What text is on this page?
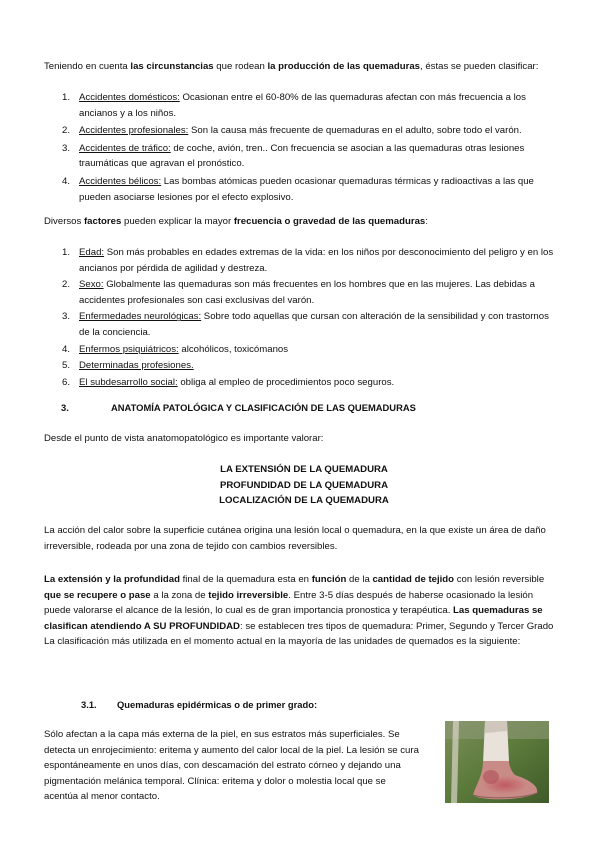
Teniendo en cuenta las circunstancias que rodean la producción de las quemaduras, éstas se pueden clasificar:

1. Accidentes domésticos: Ocasionan entre el 60-80% de las quemaduras afectan con más frecuencia a los ancianos y a los niños.
2. Accidentes profesionales: Son la causa más frecuente de quemaduras en el adulto, sobre todo el varón.
3. Accidentes de tráfico: de coche, avión, tren.. Con frecuencia se asocian a las quemaduras otras lesiones traumáticas que agravan el pronóstico.
4. Accidentes bélicos: Las bombas atómicas pueden ocasionar quemaduras térmicas y radioactivas a las que pueden asociarse lesiones por el efecto explosivo.

Diversos factores pueden explicar la mayor frecuencia o gravedad de las quemaduras:

1. Edad: Son más probables en edades extremas de la vida: en los niños por desconocimiento del peligro y en los ancianos por pérdida de agilidad y destreza.
2. Sexo: Globalmente las quemaduras son más frecuentes en los hombres que en las mujeres. Las debidas a accidentes profesionales son casi exclusivas del varón.
3. Enfermedades neurológicas: Sobre todo aquellas que cursan con alteración de la sensibilidad y con trastornos de la conciencia.
4. Enfermos psiquiátricos: alcohólicos, toxicómanos
5. Determinadas profesiones.
6. El subdesarrollo social: obliga al empleo de procedimientos poco seguros.
3.	ANATOMÍA PATOLÓGICA Y CLASIFICACIÓN DE LAS QUEMADURAS

Desde el punto de vista anatomopatológico es importante valorar:

LA EXTENSIÓN DE LA QUEMADURA
PROFUNDIDAD DE LA QUEMADURA
LOCALIZACIÓN DE LA QUEMADURA

La acción del calor sobre la superficie cutánea origina una lesión local o quemadura, en la que existe un área de daño irreversible, rodeada por una zona de tejido con cambios reversibles.

La extensión y la profundidad final de la quemadura esta en función de la cantidad de tejido con lesión reversible que se recupere o pase a la zona de tejido irreversible. Entre 3-5 días después de haberse ocasionado la lesión puede valorarse el alcance de la lesión, lo cual es de gran importancia pronostica y terapéutica. Las quemaduras se clasifican atendiendo A SU PROFUNDIDAD: se establecen tres tipos de quemadura: Primer, Segundo y Tercer Grado La clasificación más utilizada en el momento actual en la mayoría de las unidades de quemados es la siguiente:

3.1. Quemaduras epidérmicas o de primer grado:

Sólo afectan a la capa más externa de la piel, en sus estratos más superficiales. Se detecta un enrojecimiento: eritema y aumento del calor local de la piel. La lesión se cura espontáneamente en unos días, con descamación del estrato córneo y dejando una pigmentación melánica temporal. Clínica: eritema y dolor o molestia local que se acentúa al menor contacto.
